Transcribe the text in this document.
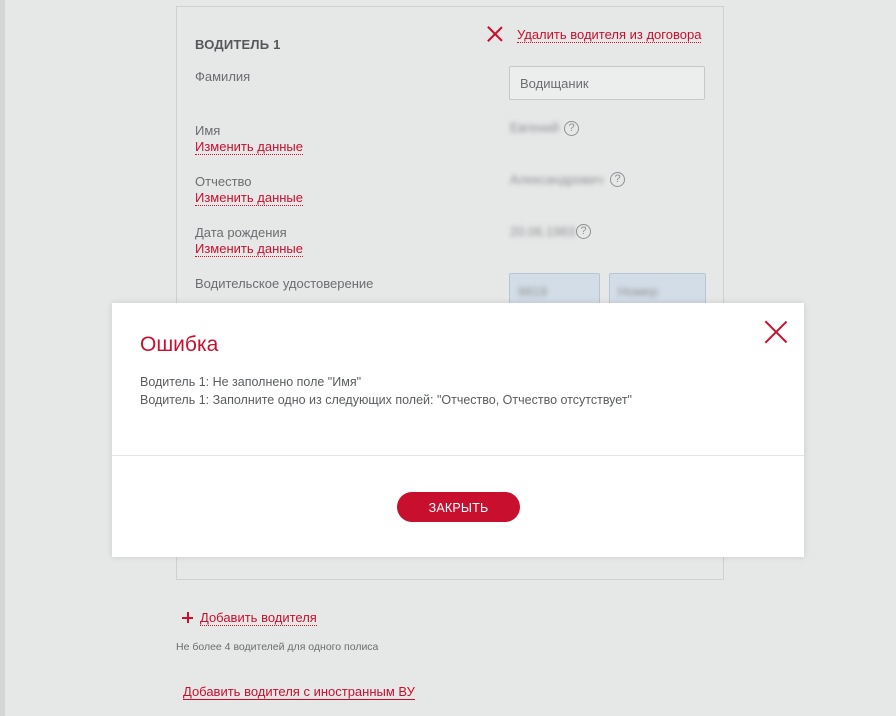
ВОДИТЕЛЬ 1
Удалить водителя из договора
Фамилия
Водищаник
Имя
Изменить данные
Евгений ?
Отчество
Изменить данные
Александрович	?
Дата рождения
Изменить данные
20.06.1983 ?
Водительское удостоверение
9919	Номер
Ошибка
Водитель 1: Не заполнено поле "Имя"
Водитель 1: Заполните одно из следующих полей: "Отчество, Отчество отсутствует"
ЗАКРЫТЬ
Добавить водителя
Не более 4 водителей для одного полиса
Добавить водителя с иностранным ВУ
